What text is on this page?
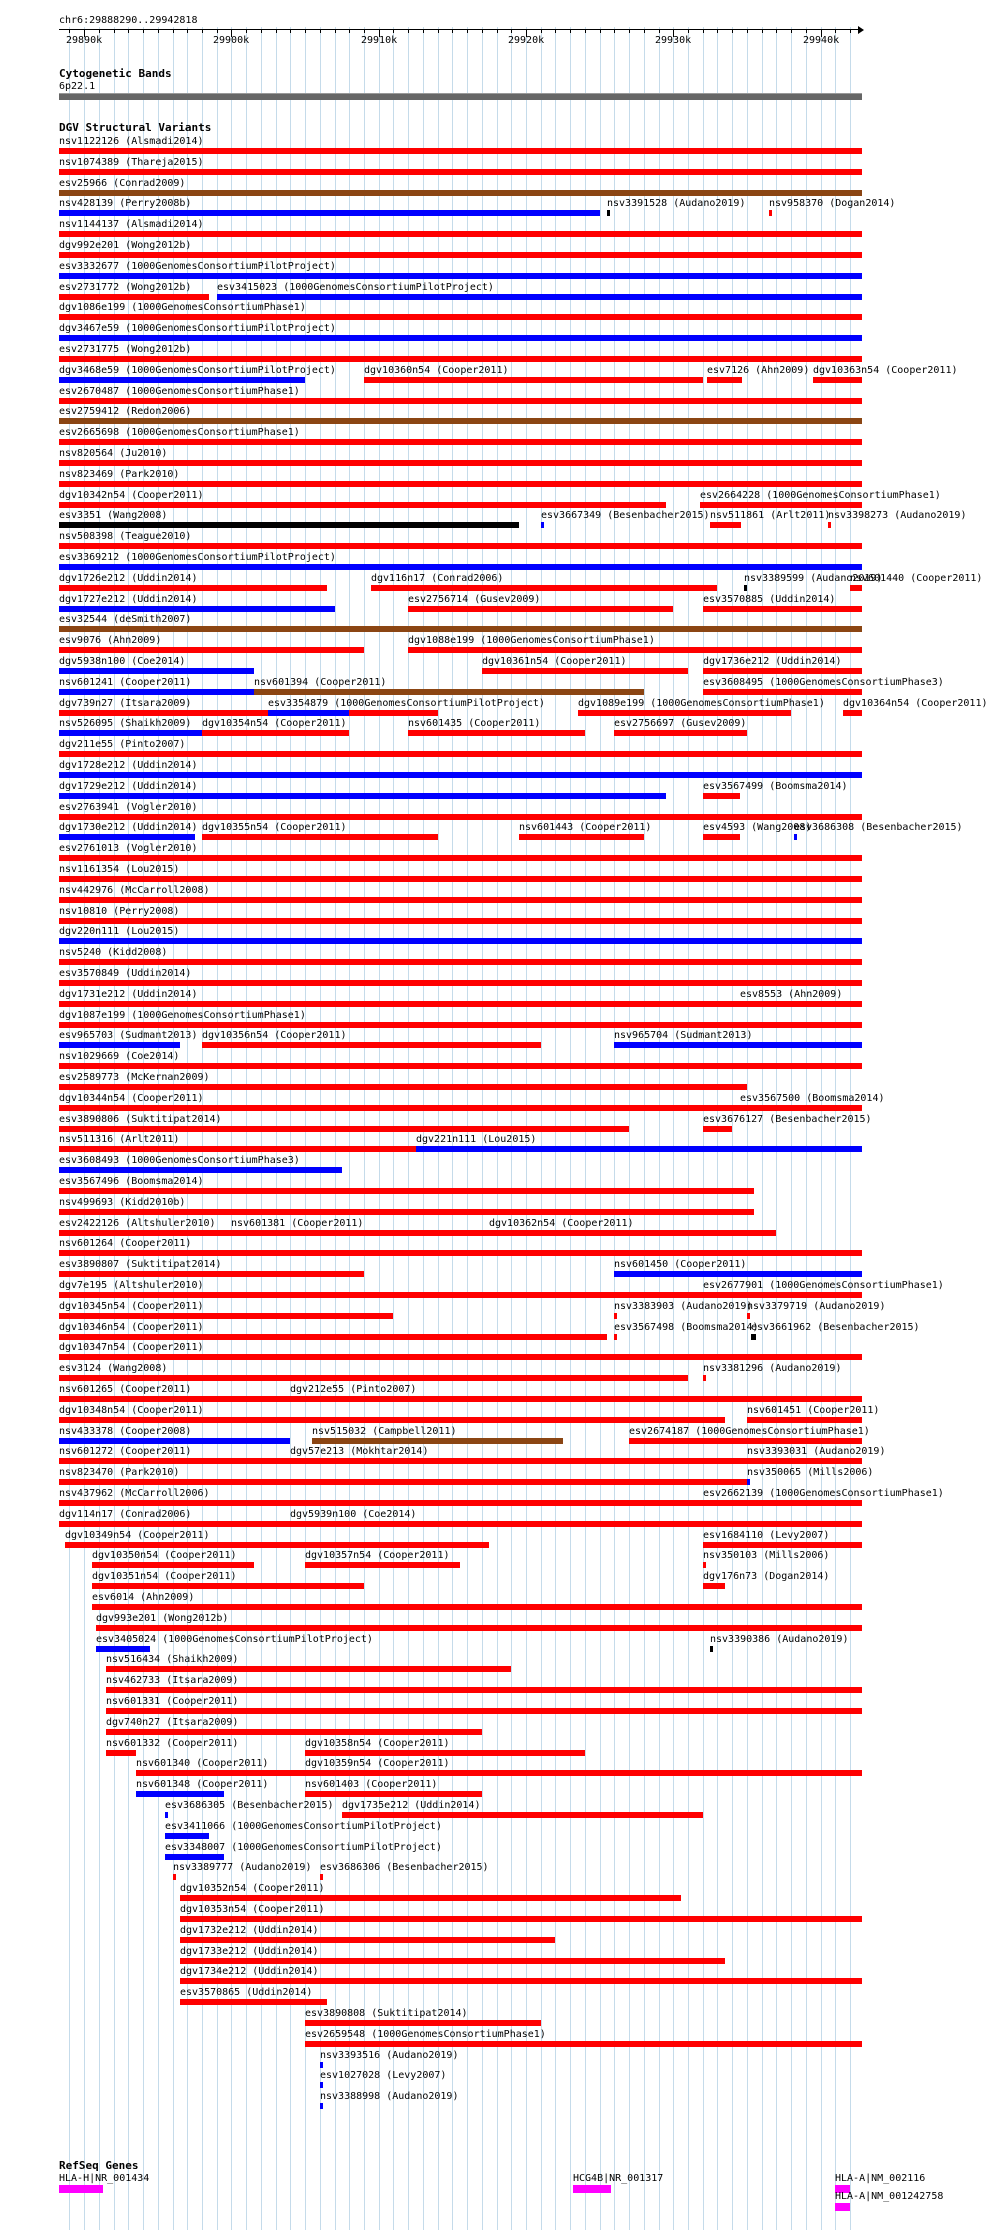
chr6:29888290..29942818
29890k	29900k	29910k	29920k	29930k	29940k
Cytogenetic Bands
6p22.1
DGV Structural Variants
nsv1122126 (Alsmadi2014)
nsv1074389 (Thareja2015)
esv25966 (Conrad2009)
nsv428139 (Perry2008b)	nsv3391528 (Audano2019) nsv958370 (Dogan2014)
nsv1144137 (Alsmadi2014)
dgv992e201 (Wong2012b)
esv3332677 (1000GenomesConsortiumPilotProject)
esv2731772 (Wong2012b)	esv3415023 (1000GenomesConsortiumPilotProject)
dgv1086e199 (1000GenomesConsortiumPhase1)
dgv3467e59 (1000GenomesConsortiumPilotProject)
esv2731775 (Wong2012b)
dgv3468e59 (1000GenomesConsortiumPilotProject)	dgv10360n54 (Cooper2011)	esv7126 (Ahn2009) dgv10363n54 (Cooper2011)
esv2670487 (1000GenomesConsortiumPhase1)
esv2759412 (Redon2006)
esv2665698 (1000GenomesConsortiumPhase1)
nsv820564 (Ju2010)
nsv823469 (Park2010)
dgv10342n54 (Cooper2011)	esv2664228 (1000GenomesConsortiumPhase1)
esv3351 (Wang2008)	esv3667349 (Besenbacher2015) nsv511861 (Arlt2011)
nsv3398273 (Audano2019)
nsv508398 (Teague2010)
esv3369212 (1000GenomesConsortiumPilotProject)
dgv1726e212 (Uddin2014)	dgv116n17 (Conrad2006)	nsv3389599 (Audano2019)
nsv601440 (Cooper2011)
dgv1727e212 (Uddin2014)	esv2756714 (Gusev2009)	esv3570885 (Uddin2014)
esv32544 (deSmith2007)
esv9076 (Ahn2009)	dgv1088e199 (1000GenomesConsortiumPhase1)
dgv5938n100 (Coe2014)	dgv10361n54 (Cooper2011)	dgv1736e212 (Uddin2014)
nsv601241 (Cooper2011)	nsv601394 (Cooper2011)	esv3608495 (1000GenomesConsortiumPhase3)
dgv739n27 (Itsara2009)	esv3354879 (1000GenomesConsortiumPilotProject)	dgv1089e199 (1000GenomesConsortiumPhase1) dgv10364n54 (Cooper2011)
nsv526095 (Shaikh2009) dgv10354n54 (Cooper2011)	nsv601435 (Cooper2011)	esv2756697 (Gusev2009)
dgv211e55 (Pinto2007)
dgv1728e212 (Uddin2014)
dgv1729e212 (Uddin2014)	esv3567499 (Boomsma2014)
esv2763941 (Vogler2010)
dgv1730e212 (Uddin2014) dgv10355n54 (Cooper2011)	nsv601443 (Cooper2011)	esv4593 (Wang2008)
esv3686308 (Besenbacher2015)
esv2761013 (Vogler2010)
nsv1161354 (Lou2015)
nsv442976 (McCarroll2008)
nsv10810 (Perry2008)
dgv220n111 (Lou2015)
nsv5240 (Kidd2008)
esv3570849 (Uddin2014)
dgv1731e212 (Uddin2014)	esv8553 (Ahn2009)
dgv1087e199 (1000GenomesConsortiumPhase1)
esv965703 (Sudmant2013) dgv10356n54 (Cooper2011)	nsv965704 (Sudmant2013)
nsv1029669 (Coe2014)
esv2589773 (McKernan2009)
dgv10344n54 (Cooper2011)	esv3567500 (Boomsma2014)
esv3890806 (Suktitipat2014)	esv3676127 (Besenbacher2015)
nsv511316 (Arlt2011)	dgv221n111 (Lou2015)
esv3608493 (1000GenomesConsortiumPhase3)
esv3567496 (Boomsma2014)
nsv499693 (Kidd2010b)
esv2422126 (Altshuler2010) nsv601381 (Cooper2011)	dgv10362n54 (Cooper2011)
nsv601264 (Cooper2011)
esv3890807 (Suktitipat2014)	nsv601450 (Cooper2011)
dgv7e195 (Altshuler2010)	esv2677901 (1000GenomesConsortiumPhase1)
dgv10345n54 (Cooper2011)	nsv3383903 (Audano2019)
nsv3379719 (Audano2019)
dgv10346n54 (Cooper2011)	esv3567498 (Boomsma2014)
esv3661962 (Besenbacher2015)
dgv10347n54 (Cooper2011)
esv3124 (Wang2008)	nsv3381296 (Audano2019)
nsv601265 (Cooper2011)	dgv212e55 (Pinto2007)
dgv10348n54 (Cooper2011)	nsv601451 (Cooper2011)
nsv433378 (Cooper2008)	nsv515032 (Campbell2011)	esv2674187 (1000GenomesConsortiumPhase1)
nsv601272 (Cooper2011)	dgv57e213 (Mokhtar2014)	nsv3393031 (Audano2019)
nsv823470 (Park2010)	nsv350065 (Mills2006)
nsv437962 (McCarroll2006)	esv2662139 (1000GenomesConsortiumPhase1)
dgv114n17 (Conrad2006)	dgv5939n100 (Coe2014)
dgv10349n54 (Cooper2011)	esv1684110 (Levy2007)
dgv10350n54 (Cooper2011)	dgv10357n54 (Cooper2011)	nsv350103 (Mills2006)
dgv10351n54 (Cooper2011)	dgv176n73 (Dogan2014)
esv6014 (Ahn2009)
dgv993e201 (Wong2012b)
esv3405024 (1000GenomesConsortiumPilotProject)	nsv3390386 (Audano2019)
nsv516434 (Shaikh2009)
nsv462733 (Itsara2009)
nsv601331 (Cooper2011)
dgv740n27 (Itsara2009)
nsv601332 (Cooper2011)	dgv10358n54 (Cooper2011)
nsv601340 (Cooper2011)	dgv10359n54 (Cooper2011)
nsv601348 (Cooper2011)	nsv601403 (Cooper2011)
esv3686305 (Besenbacher2015) dgv1735e212 (Uddin2014)
esv3411066 (1000GenomesConsortiumPilotProject)
esv3348007 (1000GenomesConsortiumPilotProject)
nsv3389777 (Audano2019) esv3686306 (Besenbacher2015)
dgv10352n54 (Cooper2011)
dgv10353n54 (Cooper2011)
dgv1732e212 (Uddin2014)
dgv1733e212 (Uddin2014)
dgv1734e212 (Uddin2014)
esv3570865 (Uddin2014)
esv3890808 (Suktitipat2014)
esv2659548 (1000GenomesConsortiumPhase1)
nsv3393516 (Audano2019)
esv1027028 (Levy2007)
nsv3388998 (Audano2019)
RefSeq Genes
HLA-H|NR_001434	HCG4B|NR_001317	HLA-A|NM_002116
HLA-A|NM_001242758
